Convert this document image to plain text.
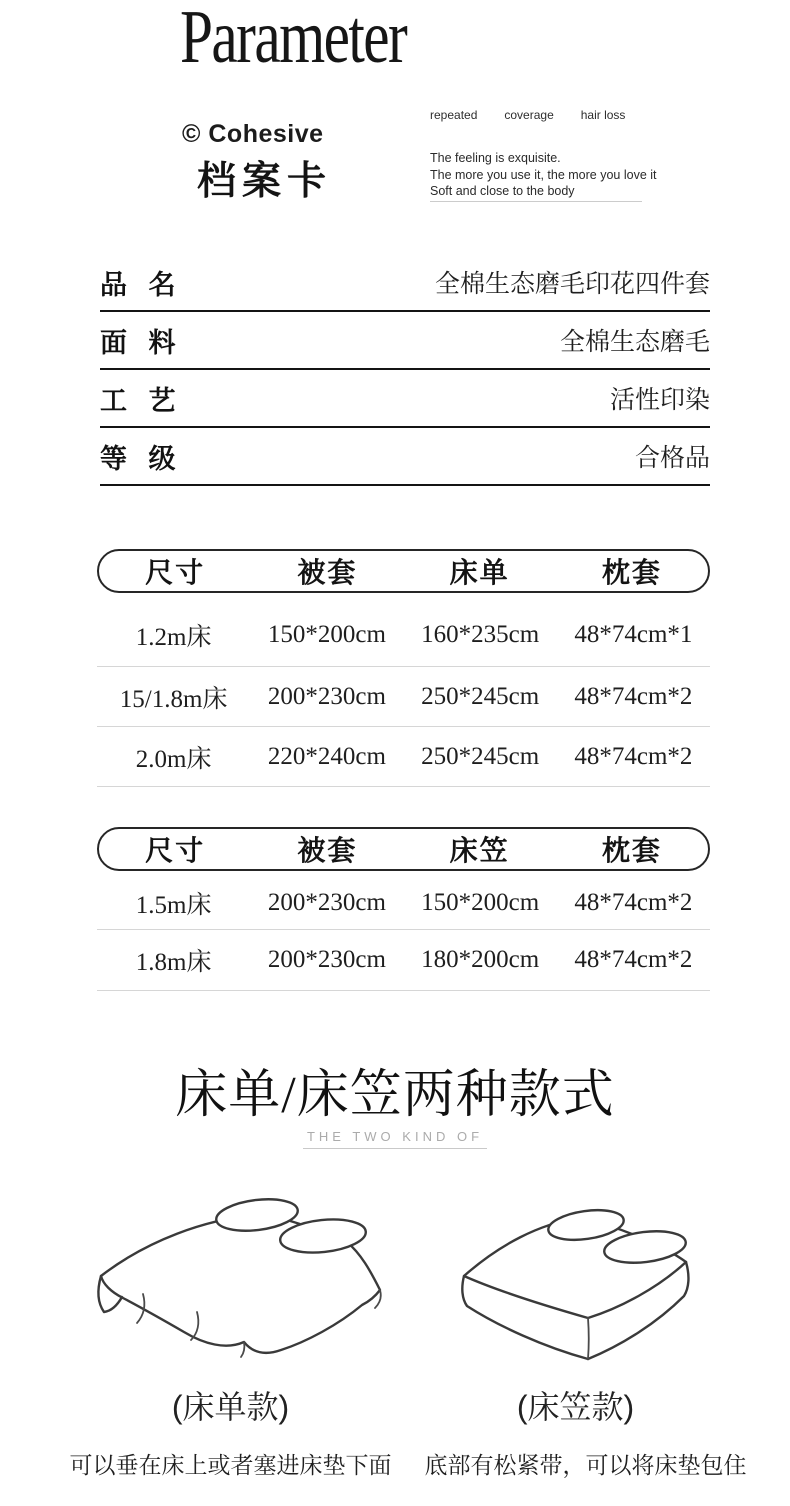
Parameter
© Cohesive
档案卡
repeated coverage hair loss
The feeling is exquisite.
The more you use it, the more you love it
Soft and close to the body
品 名	全棉生态磨毛印花四件套
面 料	全棉生态磨毛
工 艺	活性印染
等 级	合格品
尺寸	被套	床单	枕套
1.2m床	150*200cm	160*235cm	48*74cm*1
15/1.8m床	200*230cm	250*245cm	48*74cm*2
2.0m床	220*240cm	250*245cm	48*74cm*2
尺寸	被套	床笠	枕套
1.5m床	200*230cm	150*200cm	48*74cm*2
1.8m床	200*230cm	180*200cm	48*74cm*2
床单/床笠两种款式
THE TWO KIND OF
(床单款)	(床笠款)
可以垂在床上或者塞进床垫下面	底部有松紧带，可以将床垫包住
